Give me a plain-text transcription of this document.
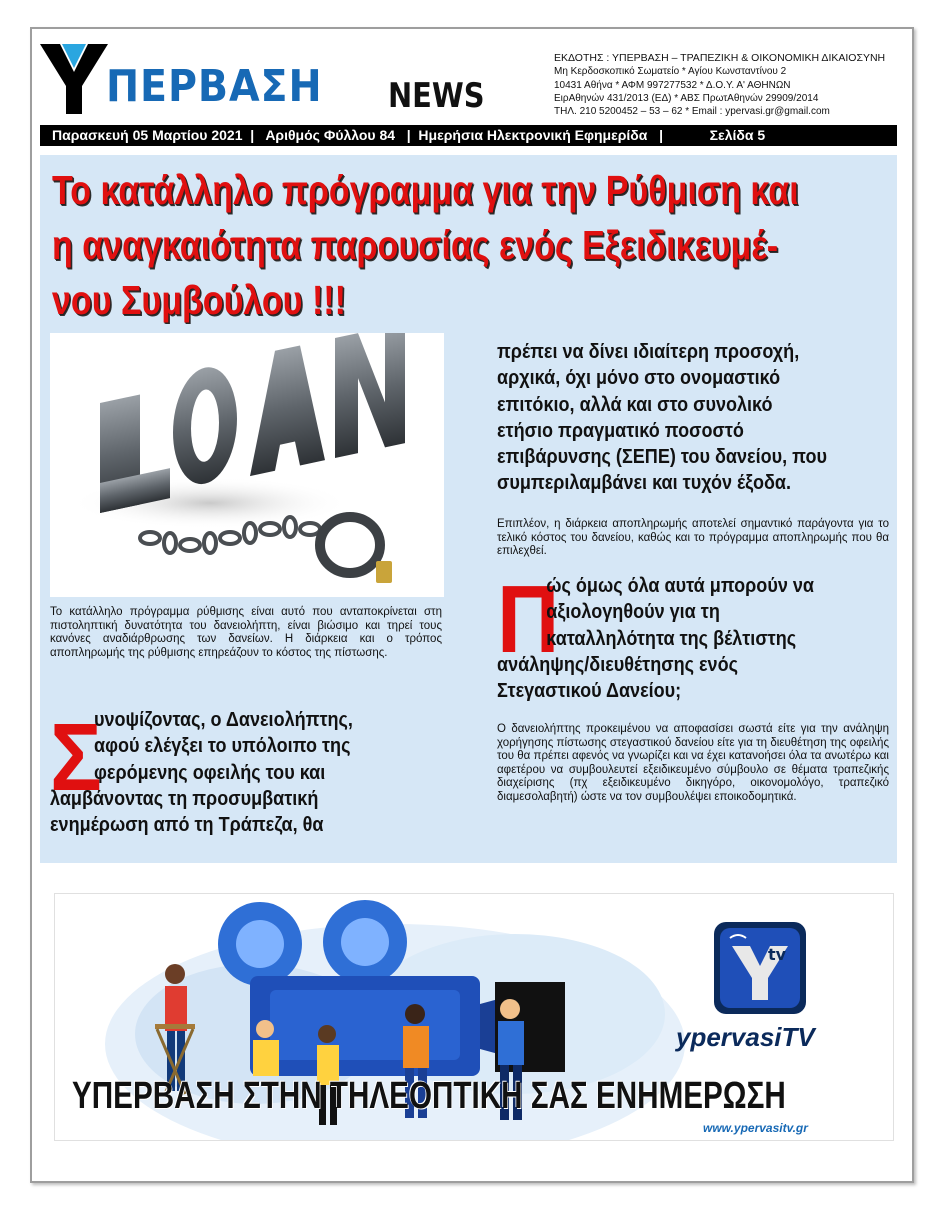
ΠΕΡΒΑΣΗ NEWS
ΕΚΔΟΤΗΣ : ΥΠΕΡΒΑΣΗ – ΤΡΑΠΕΖΙΚΗ & ΟΙΚΟΝΟΜΙΚΗ ΔΙΚΑΙΟΣΥΝΗ
Μη Κερδοσκοπικό Σωματείο * Αγίου Κωνσταντίνου 2
10431 Αθήνα * ΑΦΜ 997277532 * Δ.Ο.Υ. Α' ΑΘΗΝΩΝ
ΕιρΑθηνών 431/2013 (ΕΔ) * ΑΒΣ ΠρωτΑθηνών 29909/2014
ΤΗΛ. 210 5200452 – 53 – 62 * Email : ypervasi.gr@gmail.com
Παρασκευή 05 Μαρτίου 2021  |   Αριθμός Φύλλου 84   |  Ημερήσια Ηλεκτρονική Εφημερίδα   |            Σελίδα 5
Το κατάλληλο πρόγραμμα για την Ρύθμιση και
η αναγκαιότητα παρουσίας ενός Εξειδικευμέ-
νου Συμβούλου !!!
Το κατάλληλο πρόγραμμα ρύθμισης είναι αυτό που ανταποκρίνεται στη πιστοληπτική δυνατότητα του δανειολήπτη, είναι βιώσιμο και τηρεί τους κανόνες αναδιάρθρωσης των δανείων. Η διάρκεια και ο τρόπος αποπληρωμής της ρύθμισης επηρεάζουν το κόστος της πίστωσης.
Σ
υνοψίζοντας, ο Δανειολήπτης,
αφού ελέγξει το υπόλοιπο της
φερόμενης οφειλής του και
λαμβάνοντας τη προσυμβατική
ενημέρωση από τη Τράπεζα, θα
πρέπει να δίνει ιδιαίτερη προσοχή,
αρχικά, όχι μόνο στο ονομαστικό
επιτόκιο, αλλά και στο συνολικό
ετήσιο πραγματικό ποσοστό
επιβάρυνσης (ΣΕΠΕ) του δανείου, που
συμπεριλαμβάνει και τυχόν έξοδα.
Επιπλέον, η διάρκεια αποπληρωμής αποτελεί σημαντικό παράγοντα για το τελικό κόστος του δανείου, καθώς και το πρόγραμμα αποπληρωμής που θα επιλεχθεί.
Π
ώς όμως όλα αυτά μπορούν να
αξιολογηθούν για τη
καταλληλότητα της βέλτιστης
ανάληψης/διευθέτησης ενός
Στεγαστικού Δανείου;
Ο δανειολήπτης προκειμένου να αποφασίσει σωστά είτε για την ανάληψη χορήγησης πίστωσης στεγαστικού δανείου είτε για τη διευθέτηση της οφειλής του θα πρέπει αφενός να γνωρίζει και να έχει κατανοήσει όλα τα ανωτέρω και αφετέρου να συμβουλευτεί εξειδικευμένο σύμβουλο σε θέματα τραπεζικής διαχείρισης (πχ εξειδικευμένο δικηγόρο, οικονομολόγο, τραπεζικό διαμεσολαβητή) ώστε να τον συμβουλέψει εποικοδομητικά.
tv
ypervasiTV
ΥΠΕΡΒΑΣΗ ΣΤΗΝ ΤΗΛΕΟΠΤΙΚΗ ΣΑΣ ΕΝΗΜΕΡΩΣΗ
www.ypervasitv.gr
